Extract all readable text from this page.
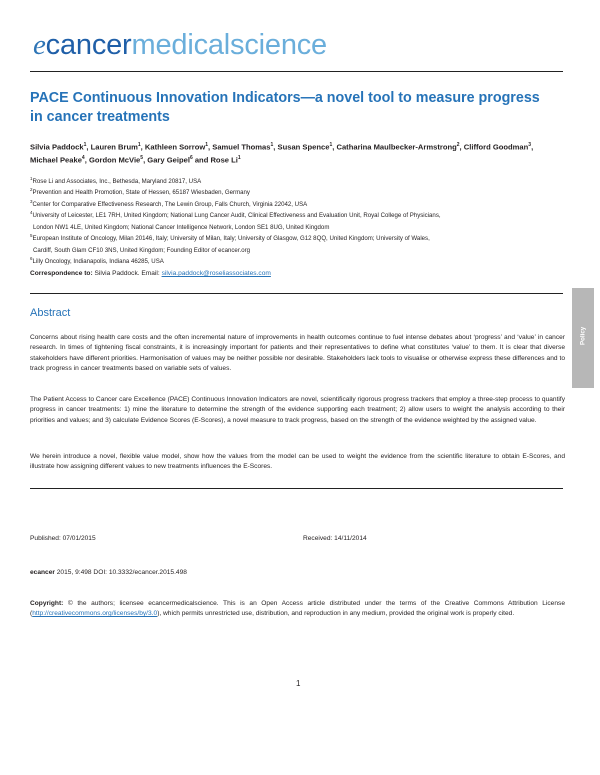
ecancermedicalscience
PACE Continuous Innovation Indicators—a novel tool to measure progress in cancer treatments
Silvia Paddock$^1$, Lauren Brum$^1$, Kathleen Sorrow$^1$, Samuel Thomas$^1$, Susan Spence$^1$, Catharina Maulbecker-Armstrong$^2$, Clifford Goodman$^3$, Michael Peake$^4$, Gordon McVie$^5$, Gary Geipel$^6$ and Rose Li$^1$
$^1$Rose Li and Associates, Inc., Bethesda, Maryland 20817, USA
$^2$Prevention and Health Promotion, State of Hessen, 65187 Wiesbaden, Germany
$^3$Center for Comparative Effectiveness Research, The Lewin Group, Falls Church, Virginia 22042, USA
$^4$University of Leicester, LE1 7RH, United Kingdom; National Lung Cancer Audit, Clinical Effectiveness and Evaluation Unit, Royal College of Physicians,
London NW1 4LE, United Kingdom; National Cancer Intelligence Network, London SE1 8UG, United Kingdom
$^5$European Institute of Oncology, Milan 20146, Italy; University of Milan, Italy; University of Glasgow, G12 8QQ, United Kingdom; University of Wales,
Cardiff, South Glam CF10 3NS, United Kingdom; Founding Editor of ecancer.org
$^6$Lilly Oncology, Indianapolis, Indiana 46285, USA
Correspondence to: Silvia Paddock. Email: silvia.paddock@roseliassociates.com
Abstract
Concerns about rising health care costs and the often incremental nature of improvements in health outcomes continue to fuel intense debates about ‘progress’ and ‘value’ in cancer research. In times of tightening fiscal constraints, it is increasingly important for patients and their representatives to define what constitutes ‘value’ to them. It is clear that diverse stakeholders have different priorities. Harmonisation of values may be neither possible nor desirable. Stakeholders lack tools to visualise or otherwise express these differences and to track progress in cancer treatments based on variable sets of values.
The Patient Access to Cancer care Excellence (PACE) Continuous Innovation Indicators are novel, scientifically rigorous progress trackers that employ a three-step process to quantify progress in cancer treatments: 1) mine the literature to determine the strength of the evidence supporting each treatment; 2) allow users to weight the analysis according to their priorities and values; and 3) calculate Evidence Scores (E-Scores), a novel measure to track progress, based on the strength of the evidence weighted by the assigned value.
We herein introduce a novel, flexible value model, show how the values from the model can be used to weight the evidence from the scientific literature to obtain E-Scores, and illustrate how assigning different values to new treatments influences the E-Scores.
Published: 07/01/2015	Received: 14/11/2014
ecancer 2015, 9:498 DOI: 10.3332/ecancer.2015.498
Copyright: © the authors; licensee ecancermedicalscience. This is an Open Access article distributed under the terms of the Creative Commons Attribution License (http://creativecommons.org/licenses/by/3.0), which permits unrestricted use, distribution, and reproduction in any medium, provided the original work is properly cited.
1
Policy
